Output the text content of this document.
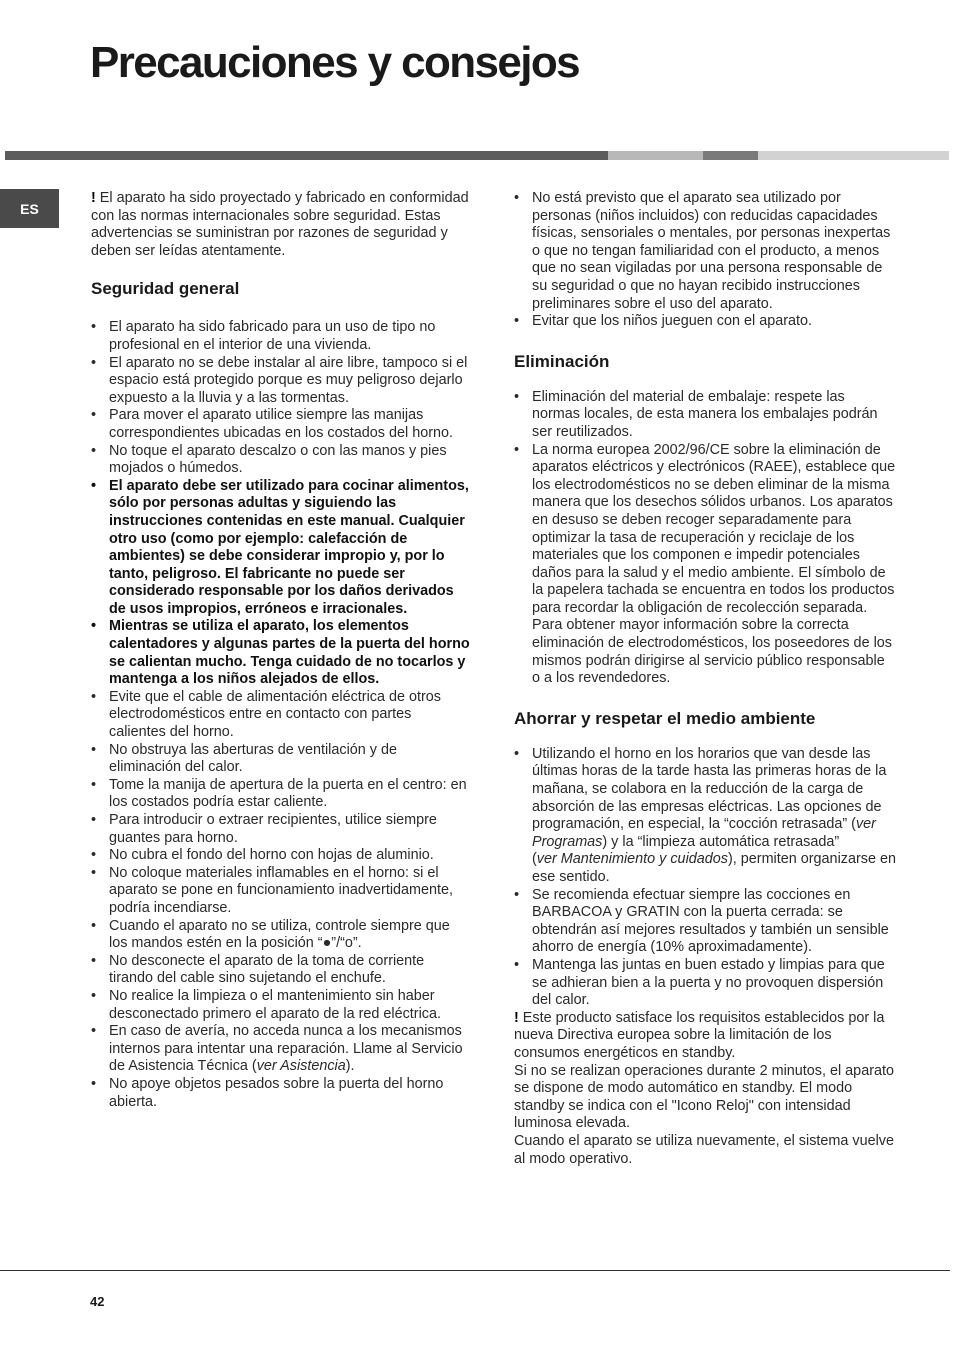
Precauciones y consejos
ES

! El aparato ha sido proyectado y fabricado en conformidad con las normas internacionales sobre seguridad. Estas advertencias se suministran por razones de seguridad y deben ser leídas atentamente.

Seguridad general
• El aparato ha sido fabricado para un uso de tipo no profesional en el interior de una vivienda.
• El aparato no se debe instalar al aire libre, tampoco si el espacio está protegido porque es muy peligroso dejarlo expuesto a la lluvia y a las tormentas.
• Para mover el aparato utilice siempre las manijas correspondientes ubicadas en los costados del horno.
• No toque el aparato descalzo o con las manos y pies mojados o húmedos.
• El aparato debe ser utilizado para cocinar alimentos, sólo por personas adultas y siguiendo las instrucciones contenidas en este manual. Cualquier otro uso (como por ejemplo: calefacción de ambientes) se debe considerar impropio y, por lo tanto, peligroso. El fabricante no puede ser considerado responsable por los daños derivados de usos impropios, erróneos e irracionales.
• Mientras se utiliza el aparato, los elementos calentadores y algunas partes de la puerta del horno se calientan mucho. Tenga cuidado de no tocarlos y mantenga a los niños alejados de ellos.
• Evite que el cable de alimentación eléctrica de otros electrodomésticos entre en contacto con partes calientes del horno.
• No obstruya las aberturas de ventilación y de eliminación del calor.
• Tome la manija de apertura de la puerta en el centro: en los costados podría estar caliente.
• Para introducir o extraer recipientes, utilice siempre guantes para horno.
• No cubra el fondo del horno con hojas de aluminio.
• No coloque materiales inflamables en el horno: si el aparato se pone en funcionamiento inadvertidamente, podría incendiarse.
• Cuando el aparato no se utiliza, controle siempre que los mandos estén en la posición “●”/“o”.
• No desconecte el aparato de la toma de corriente tirando del cable sino sujetando el enchufe.
• No realice la limpieza o el mantenimiento sin haber desconectado primero el aparato de la red eléctrica.
• En caso de avería, no acceda nunca a los mecanismos internos para intentar una reparación. Llame al Servicio de Asistencia Técnica (ver Asistencia).
• No apoye objetos pesados sobre la puerta del horno abierta.
• No está previsto que el aparato sea utilizado por personas (niños incluidos) con reducidas capacidades físicas, sensoriales o mentales, por personas inexpertas o que no tengan familiaridad con el producto, a menos que no sean vigiladas por una persona responsable de su seguridad o que no hayan recibido instrucciones preliminares sobre el uso del aparato.
• Evitar que los niños jueguen con el aparato.
Eliminación
• Eliminación del material de embalaje: respete las normas locales, de esta manera los embalajes podrán ser reutilizados.
• La norma europea 2002/96/CE sobre la eliminación de aparatos eléctricos y electrónicos (RAEE), establece que los electrodomésticos no se deben eliminar de la misma manera que los desechos sólidos urbanos. Los aparatos en desuso se deben recoger separadamente para optimizar la tasa de recuperación y reciclaje de los materiales que los componen e impedir potenciales daños para la salud y el medio ambiente. El símbolo de la papelera tachada se encuentra en todos los productos para recordar la obligación de recolección separada.
Para obtener mayor información sobre la correcta eliminación de electrodomésticos, los poseedores de los mismos podrán dirigirse al servicio público responsable o a los revendedores.
Ahorrar y respetar el medio ambiente
• Utilizando el horno en los horarios que van desde las últimas horas de la tarde hasta las primeras horas de la mañana, se colabora en la reducción de la carga de absorción de las empresas eléctricas. Las opciones de programación, en especial, la “cocción retrasada” (ver Programas) y la “limpieza automática retrasada”
(ver Mantenimiento y cuidados), permiten organizarse en ese sentido.
• Se recomienda efectuar siempre las cocciones en BARBACOA y GRATIN con la puerta cerrada: se obtendrán así mejores resultados y también un sensible ahorro de energía (10% aproximadamente).
• Mantenga las juntas en buen estado y limpias para que se adhieran bien a la puerta y no provoquen dispersión del calor.

! Este producto satisface los requisitos establecidos por la nueva Directiva europea sobre la limitación de los consumos energéticos en standby.
Si no se realizan operaciones durante 2 minutos, el aparato se dispone de modo automático en standby. El modo standby se indica con el "Icono Reloj" con intensidad luminosa elevada.
Cuando el aparato se utiliza nuevamente, el sistema vuelve al modo operativo.

42
